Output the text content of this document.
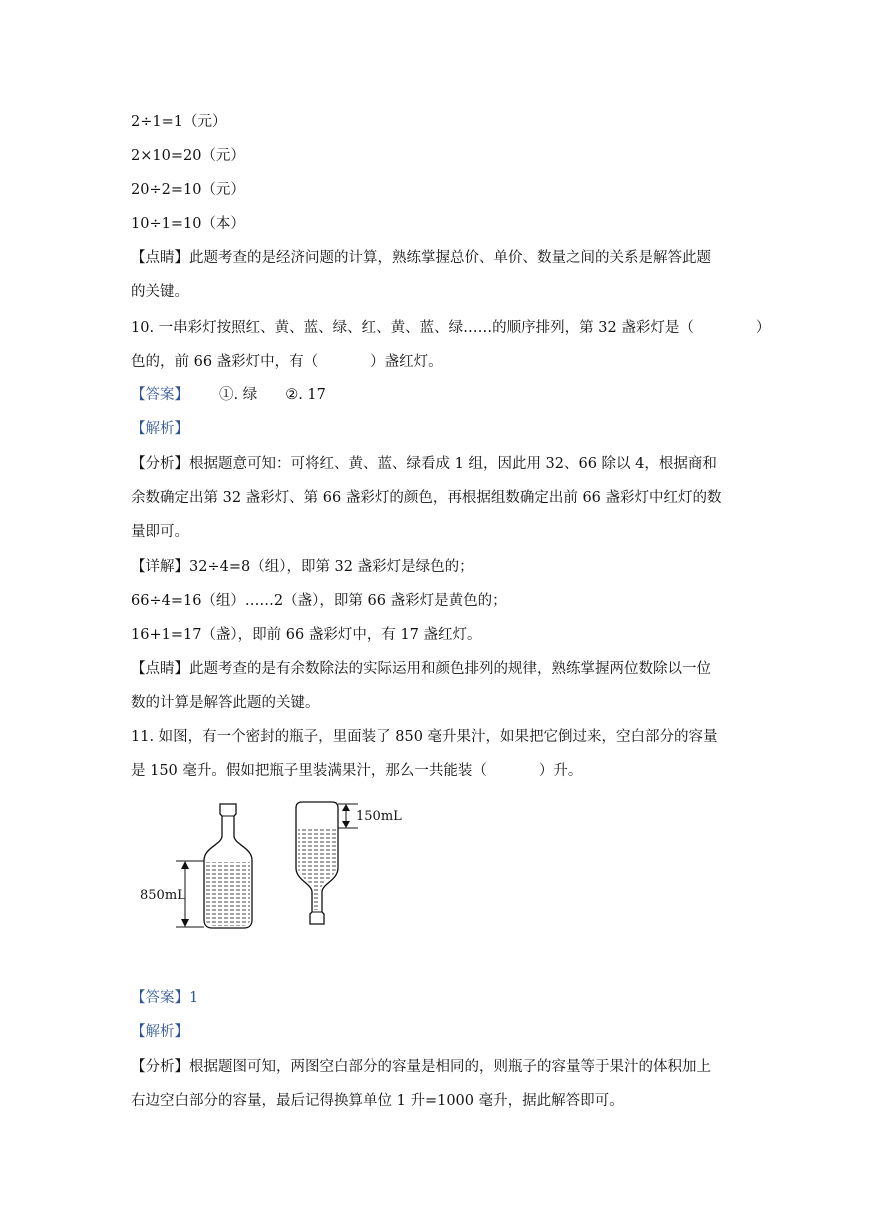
2÷1=1（元）

2×10=20（元）

20÷2=10（元）

10÷1=10（本）

【点睛】此题考查的是经济问题的计算，熟练掌握总价、单价、数量之间的关系是解答此题

的关键。

10. 一串彩灯按照红、黄、蓝、绿、红、黄、蓝、绿……的顺序排列，第 32 盏彩灯是（	）

色的，前 66 盏彩灯中，有（	）盏红灯。

【答案】 ①. 绿 ②. 17

【解析】

【分析】根据题意可知：可将红、黄、蓝、绿看成 1 组，因此用 32、66 除以 4，根据商和

余数确定出第 32 盏彩灯、第 66 盏彩灯的颜色，再根据组数确定出前 66 盏彩灯中红灯的数

量即可。

【详解】32÷4=8（组），即第 32 盏彩灯是绿色的；

66÷4=16（组）……2（盏），即第 66 盏彩灯是黄色的；

16+1=17（盏），即前 66 盏彩灯中，有 17 盏红灯。

【点睛】此题考查的是有余数除法的实际运用和颜色排列的规律，熟练掌握两位数除以一位

数的计算是解答此题的关键。

11. 如图，有一个密封的瓶子，里面装了 850 毫升果汁，如果把它倒过来，空白部分的容量

是 150 毫升。假如把瓶子里装满果汁，那么一共能装（	）升。

850mL
150mL

【答案】1

【解析】

【分析】根据题图可知，两图空白部分的容量是相同的，则瓶子的容量等于果汁的体积加上

右边空白部分的容量，最后记得换算单位 1 升=1000 毫升，据此解答即可。
